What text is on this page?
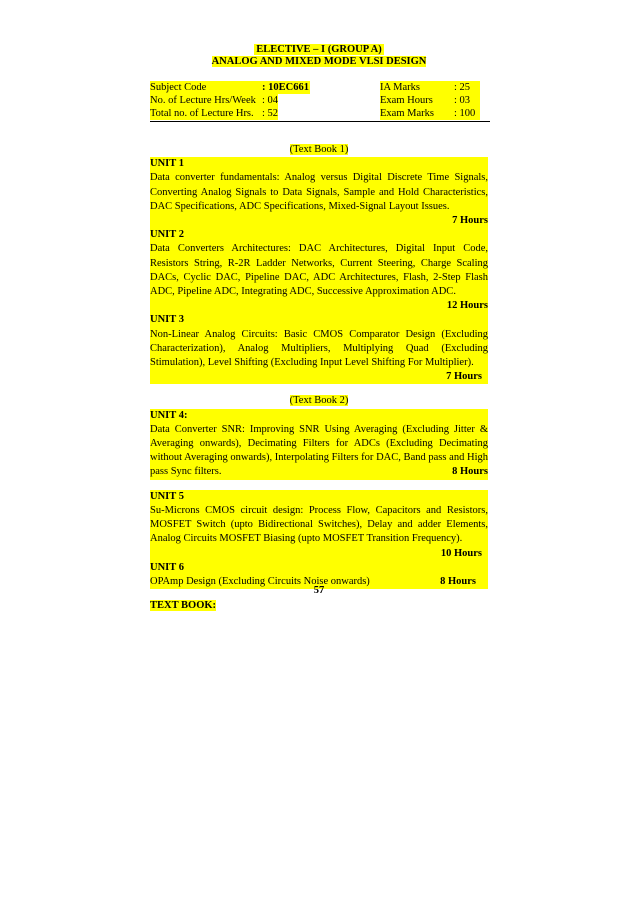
ELECTIVE – I (GROUP A)
ANALOG AND MIXED MODE VLSI DESIGN
Subject Code	: 10EC661	IA Marks	: 25
No. of Lecture Hrs/Week : 04	Exam Hours	: 03
Total no. of Lecture Hrs. : 52	Exam Marks	: 100

(Text Book 1)

UNIT 1

Data converter fundamentals: Analog versus Digital Discrete Time Signals, Converting Analog Signals to Data Signals, Sample and Hold Characteristics, DAC Specifications, ADC Specifications, Mixed-Signal Layout Issues.

7 Hours

UNIT 2

Data Converters Architectures: DAC Architectures, Digital Input Code, Resistors String, R-2R Ladder Networks, Current Steering, Charge Scaling DACs, Cyclic DAC, Pipeline DAC, ADC Architectures, Flash, 2-Step Flash ADC, Pipeline ADC, Integrating ADC, Successive Approximation ADC.

12 Hours

UNIT 3

Non-Linear Analog Circuits: Basic CMOS Comparator Design (Excluding Characterization), Analog Multipliers, Multiplying Quad (Excluding Stimulation), Level Shifting (Excluding Input Level Shifting For Multiplier).

7 Hours

(Text Book 2)

UNIT 4:

Data Converter SNR: Improving SNR Using Averaging (Excluding Jitter & Averaging onwards), Decimating Filters for ADCs (Excluding Decimating without Averaging onwards), Interpolating Filters for DAC, Band pass and High pass Sync filters.	8 Hours

UNIT 5

Su-Microns CMOS circuit design: Process Flow, Capacitors and Resistors, MOSFET Switch (upto Bidirectional Switches), Delay and adder Elements, Analog Circuits MOSFET Biasing (upto MOSFET Transition Frequency).

10 Hours

UNIT 6

OPAmp Design (Excluding Circuits Noise onwards)	8 Hours

TEXT BOOK:

57
